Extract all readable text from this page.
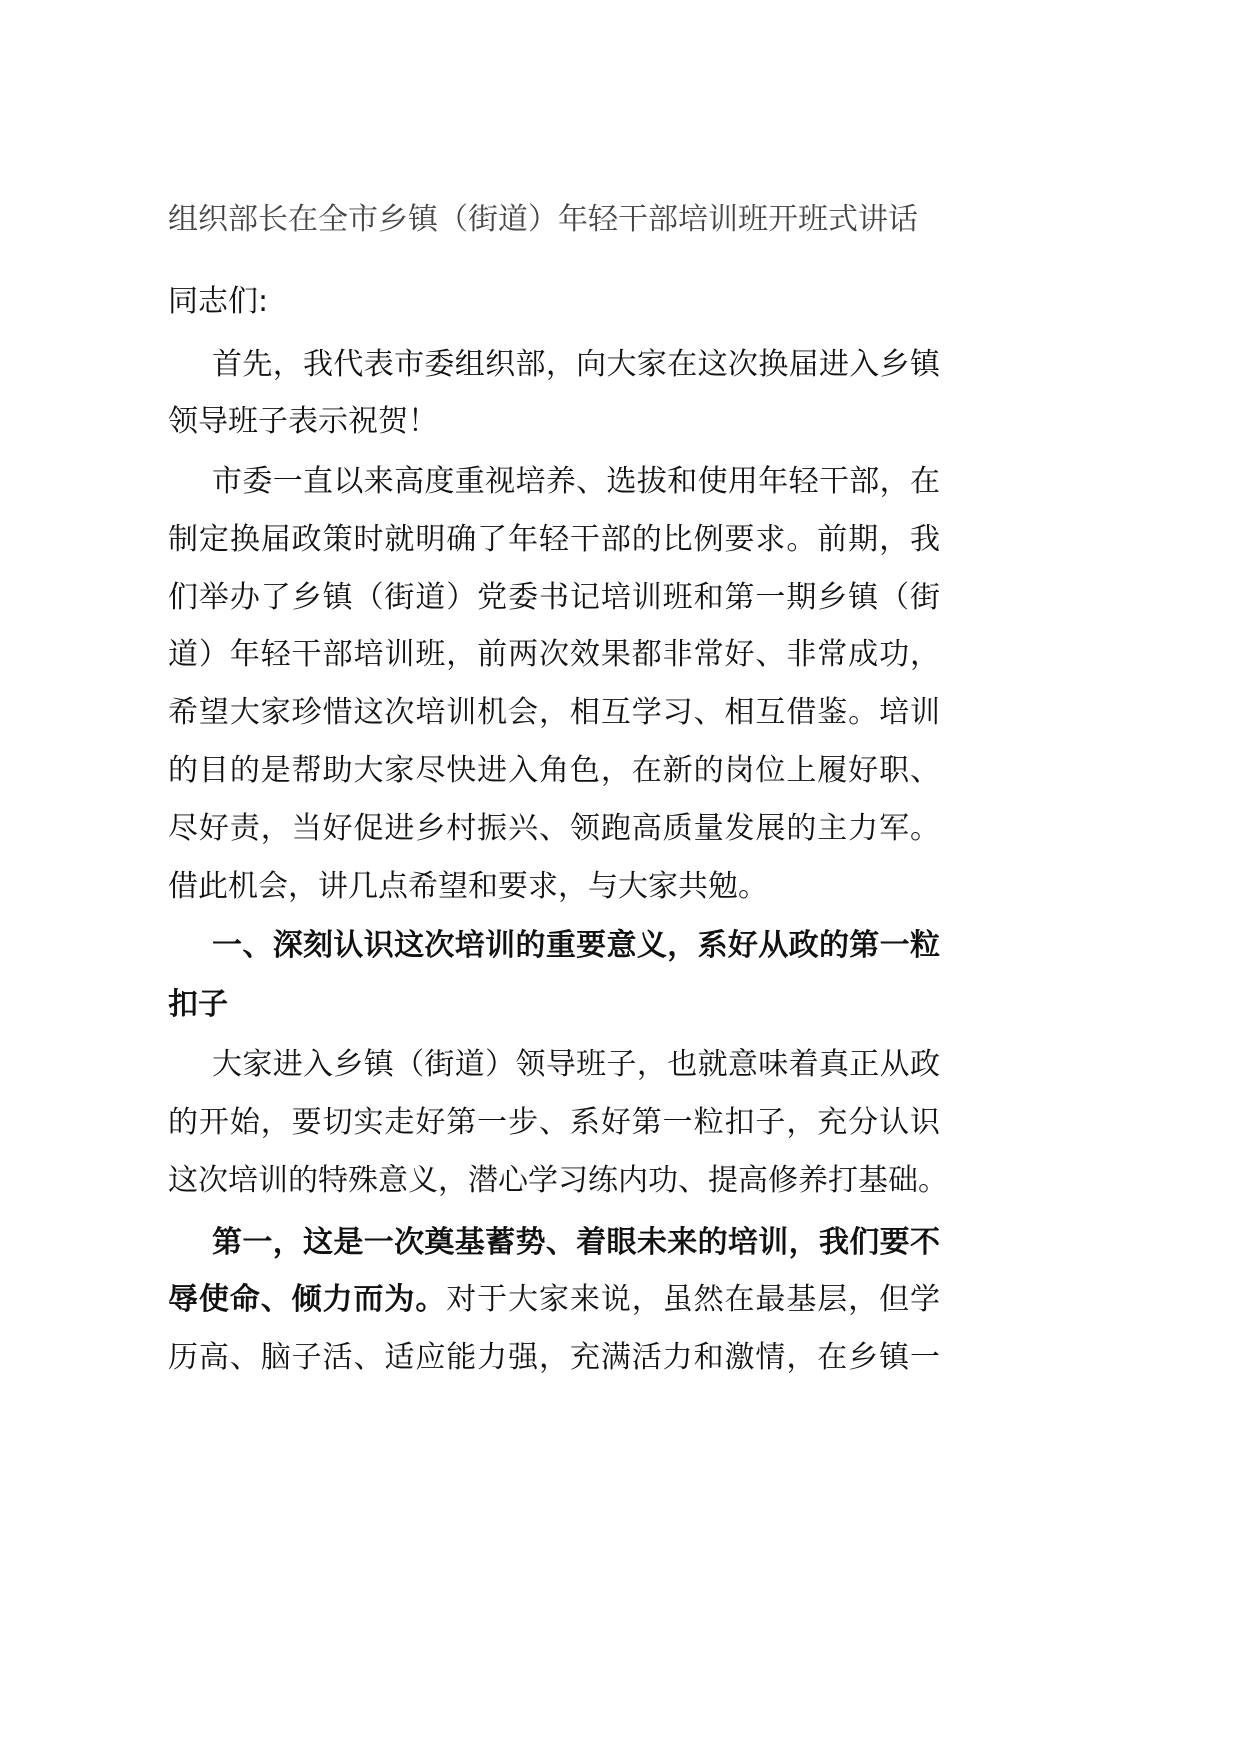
组织部长在全市乡镇（街道）年轻干部培训班开班式讲话
同志们:
首先，我代表市委组织部，向大家在这次换届进入乡镇
领导班子表示祝贺！
市委一直以来高度重视培养、选拔和使用年轻干部，在
制定换届政策时就明确了年轻干部的比例要求。前期，我
们举办了乡镇（街道）党委书记培训班和第一期乡镇（街
道）年轻干部培训班，前两次效果都非常好、非常成功，
希望大家珍惜这次培训机会，相互学习、相互借鉴。培训
的目的是帮助大家尽快进入角色，在新的岗位上履好职、
尽好责，当好促进乡村振兴、领跑高质量发展的主力军。
借此机会，讲几点希望和要求，与大家共勉。
一、深刻认识这次培训的重要意义，系好从政的第一粒
扣子
大家进入乡镇（街道）领导班子，也就意味着真正从政
的开始，要切实走好第一步、系好第一粒扣子，充分认识
这次培训的特殊意义，潜心学习练内功、提高修养打基础。
第一，这是一次奠基蓄势、着眼未来的培训，我们要不
辱使命、倾力而为。对于大家来说，虽然在最基层，但学
历高、脑子活、适应能力强，充满活力和激情，在乡镇一
